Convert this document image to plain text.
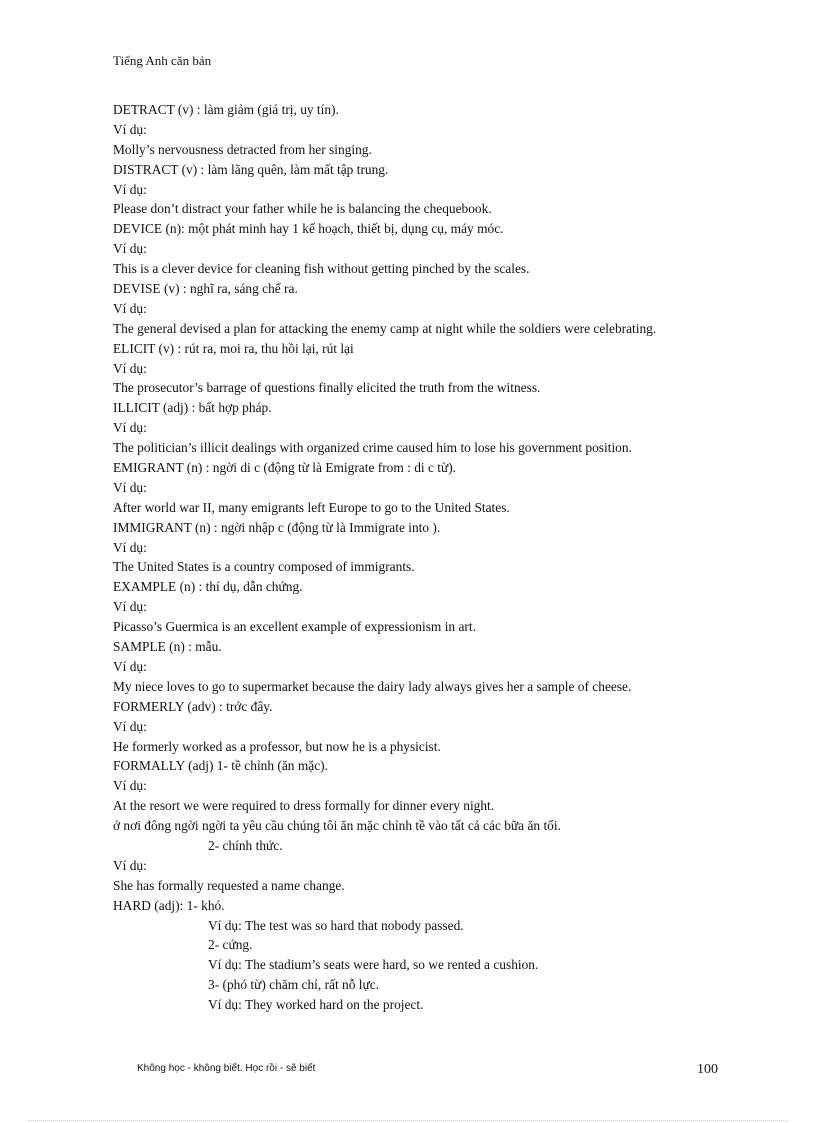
Tiếng Anh căn bản
DETRACT (v) : làm giảm (giá trị, uy tín).
Ví dụ:
Molly’s nervousness detracted from her singing.
DISTRACT (v) : làm lãng quên, làm mất tập trung.
Ví dụ:
Please don’t distract your father while he is balancing the chequebook.
DEVICE (n): một phát minh hay 1 kế hoạch, thiết bị, dụng cụ, máy móc.
Ví dụ:
This is a clever device for cleaning fish without getting pinched by the scales.
DEVISE (v) : nghĩ ra, sáng chế ra.
Ví dụ:
The general devised a plan for attacking the enemy camp at night while the soldiers were celebrating.
ELICIT (v) : rút ra, moi ra, thu hồi lại, rút lại
Ví dụ:
The prosecutor’s barrage of questions finally elicited the truth from the witness.
ILLICIT (adj) : bất hợp pháp.
Ví dụ:
The politician’s illicit dealings with organized crime caused him to lose his government position.
EMIGRANT (n) : ngời di c (động từ là Emigrate from : di c từ).
Ví dụ:
After world war II, many emigrants left Europe to go to the United States.
IMMIGRANT (n) : ngời nhập c (động từ là Immigrate into ).
Ví dụ:
The United States is a country composed of immigrants.
EXAMPLE (n) : thí dụ, dẫn chứng.
Ví dụ:
Picasso’s Guermica is an excellent example of expressionism in art.
SAMPLE (n) : mẫu.
Ví dụ:
My niece loves to go to supermarket because the dairy lady always gives her a sample of cheese.
FORMERLY (adv) : trớc đây.
Ví dụ:
He formerly worked as a professor, but now he is a physicist.
FORMALLY (adj) 1- tề chỉnh (ăn mặc).
Ví dụ:
At the resort we were required to dress formally for dinner every night.
ở nơi đông ngời ngời ta yêu cầu chúng tôi ăn mặc chỉnh tề vào tất cả các bữa ăn tối.
2- chính thức.
Ví dụ:
She has formally requested a name change.
HARD (adj): 1- khó.
Ví dụ: The test was so hard that nobody passed.
2- cứng.
Ví dụ: The stadium’s seats were hard, so we rented a cushion.
3- (phó từ) chăm chỉ, rất nỗ lực.
Ví dụ: They worked hard on the project.
Không học - không biết. Học rồi - sẽ biết	100
